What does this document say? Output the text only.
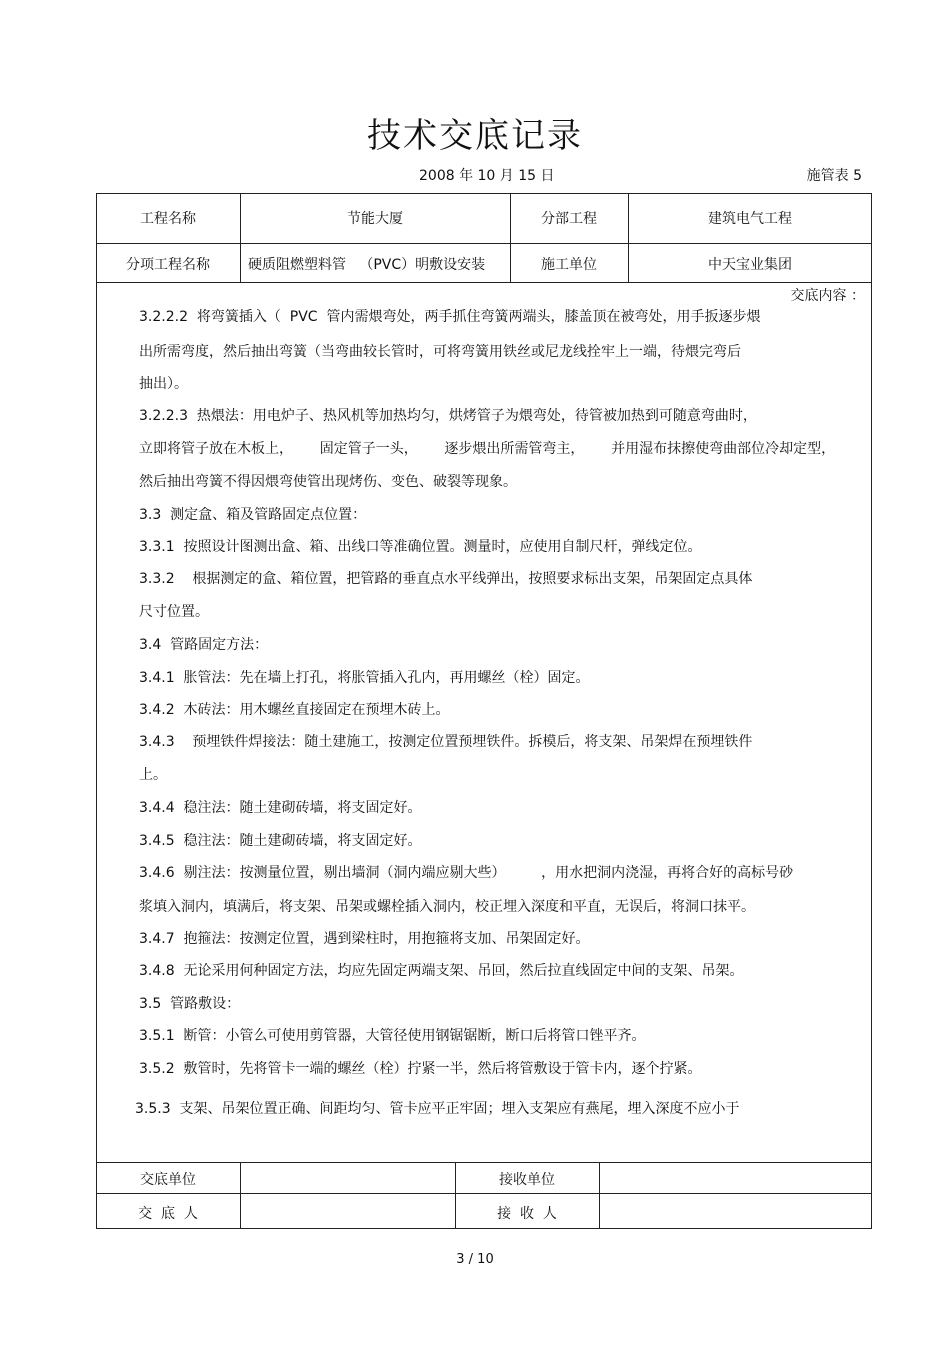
技术交底记录
2008 年 10 月 15 日	施管表 5
工程名称	节能大厦	分部工程	建筑电气工程
分项工程名称	硬质阻燃塑料管   （PVC）明敷设安装	施工单位	中天宝业集团
交底内容 ：
3.2.2.2  将弯簧插入（  PVC  管内需煨弯处，两手抓住弯簧两端头，膝盖顶在被弯处，用手扳逐步煨
出所需弯度，然后抽出弯簧（当弯曲较长管时，可将弯簧用铁丝或尼龙线拴牢上一端，待煨完弯后
抽出）。
3.2.2.3  热煨法：用电炉子、热风机等加热均匀，烘烤管子为煨弯处，待管被加热到可随意弯曲时，
立即将管子放在木板上，      固定管子一头，      逐步煨出所需管弯主，      并用湿布抹擦使弯曲部位冷却定型，
然后抽出弯簧不得因煨弯使管出现烤伤、变色、破裂等现象。
3.3  测定盒、箱及管路固定点位置：
3.3.1  按照设计图测出盒、箱、出线口等准确位置。测量时，应使用自制尺杆，弹线定位。
3.3.2    根据测定的盒、箱位置，把管路的垂直点水平线弹出，按照要求标出支架，吊架固定点具体
尺寸位置。
3.4  管路固定方法：
3.4.1  胀管法：先在墙上打孔，将胀管插入孔内，再用螺丝（栓）固定。
3.4.2  木砖法：用木螺丝直接固定在预埋木砖上。
3.4.3    预埋铁件焊接法：随土建施工，按测定位置预埋铁件。拆模后，将支架、吊架焊在预埋铁件
上。
3.4.4  稳注法：随土建砌砖墙，将支固定好。
3.4.5  稳注法：随土建砌砖墙，将支固定好。
3.4.6  剔注法：按测量位置，剔出墙洞（洞内端应剔大些）        ，用水把洞内浇湿，再将合好的高标号砂
浆填入洞内，填满后，将支架、吊架或螺栓插入洞内，校正埋入深度和平直，无误后，将洞口抹平。
3.4.7  抱箍法：按测定位置，遇到梁柱时，用抱箍将支加、吊架固定好。
3.4.8  无论采用何种固定方法，均应先固定两端支架、吊回，然后拉直线固定中间的支架、吊架。
3.5  管路敷设：
3.5.1  断管：小管么可使用剪管器，大管径使用钢锯锯断，断口后将管口锉平齐。
3.5.2  敷管时，先将管卡一端的螺丝（栓）拧紧一半，然后将管敷设于管卡内，逐个拧紧。
3.5.3  支架、吊架位置正确、间距均匀、管卡应平正牢固；埋入支架应有燕尾，埋入深度不应小于
交底单位	接收单位
交  底  人	接  收  人
3 / 10
